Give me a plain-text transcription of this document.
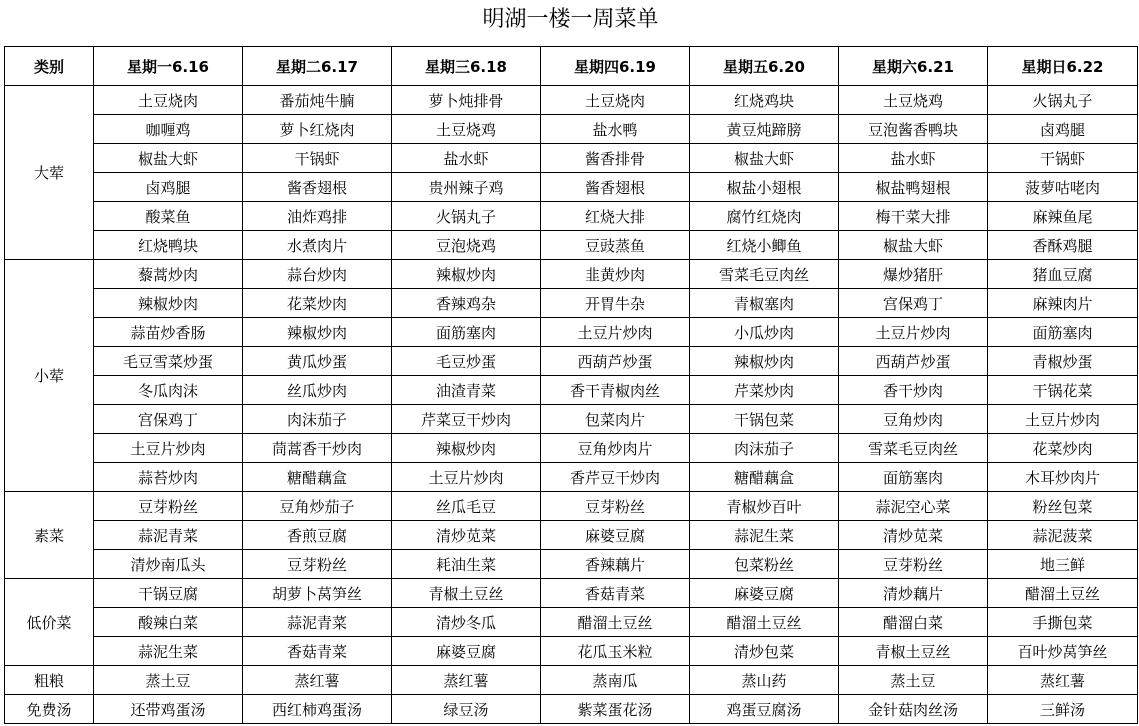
明湖一楼一周菜单
类别	星期一6.16	星期二6.17	星期三6.18	星期四6.19	星期五6.20	星期六6.21	星期日6.22
大荤	土豆烧肉	番茄炖牛腩	萝卜炖排骨	土豆烧肉	红烧鸡块	土豆烧鸡	火锅丸子
	咖喱鸡	萝卜红烧肉	土豆烧鸡	盐水鸭	黄豆炖蹄膀	豆泡酱香鸭块	卤鸡腿
	椒盐大虾	干锅虾	盐水虾	酱香排骨	椒盐大虾	盐水虾	干锅虾
	卤鸡腿	酱香翅根	贵州辣子鸡	酱香翅根	椒盐小翅根	椒盐鸭翅根	菠萝咕咾肉
	酸菜鱼	油炸鸡排	火锅丸子	红烧大排	腐竹红烧肉	梅干菜大排	麻辣鱼尾
	红烧鸭块	水煮肉片	豆泡烧鸡	豆豉蒸鱼	红烧小鲫鱼	椒盐大虾	香酥鸡腿
小荤	藜蒿炒肉	蒜台炒肉	辣椒炒肉	韭黄炒肉	雪菜毛豆肉丝	爆炒猪肝	猪血豆腐
	辣椒炒肉	花菜炒肉	香辣鸡杂	开胃牛杂	青椒塞肉	宫保鸡丁	麻辣肉片
	蒜苗炒香肠	辣椒炒肉	面筋塞肉	土豆片炒肉	小瓜炒肉	土豆片炒肉	面筋塞肉
	毛豆雪菜炒蛋	黄瓜炒蛋	毛豆炒蛋	西葫芦炒蛋	辣椒炒肉	西葫芦炒蛋	青椒炒蛋
	冬瓜肉沫	丝瓜炒肉	油渣青菜	香干青椒肉丝	芹菜炒肉	香干炒肉	干锅花菜
	宫保鸡丁	肉沫茄子	芹菜豆干炒肉	包菜肉片	干锅包菜	豆角炒肉	土豆片炒肉
	土豆片炒肉	茼蒿香干炒肉	辣椒炒肉	豆角炒肉片	肉沫茄子	雪菜毛豆肉丝	花菜炒肉
	蒜苔炒肉	糖醋藕盒	土豆片炒肉	香芹豆干炒肉	糖醋藕盒	面筋塞肉	木耳炒肉片
素菜	豆芽粉丝	豆角炒茄子	丝瓜毛豆	豆芽粉丝	青椒炒百叶	蒜泥空心菜	粉丝包菜
	蒜泥青菜	香煎豆腐	清炒苋菜	麻婆豆腐	蒜泥生菜	清炒苋菜	蒜泥菠菜
	清炒南瓜头	豆芽粉丝	耗油生菜	香辣藕片	包菜粉丝	豆芽粉丝	地三鲜
低价菜	干锅豆腐	胡萝卜莴笋丝	青椒土豆丝	香菇青菜	麻婆豆腐	清炒藕片	醋溜土豆丝
	酸辣白菜	蒜泥青菜	清炒冬瓜	醋溜土豆丝	醋溜土豆丝	醋溜白菜	手撕包菜
	蒜泥生菜	香菇青菜	麻婆豆腐	花瓜玉米粒	清炒包菜	青椒土豆丝	百叶炒莴笋丝
粗粮	蒸土豆	蒸红薯	蒸红薯	蒸南瓜	蒸山药	蒸土豆	蒸红薯
免费汤	还带鸡蛋汤	西红柿鸡蛋汤	绿豆汤	紫菜蛋花汤	鸡蛋豆腐汤	金针菇肉丝汤	三鲜汤
